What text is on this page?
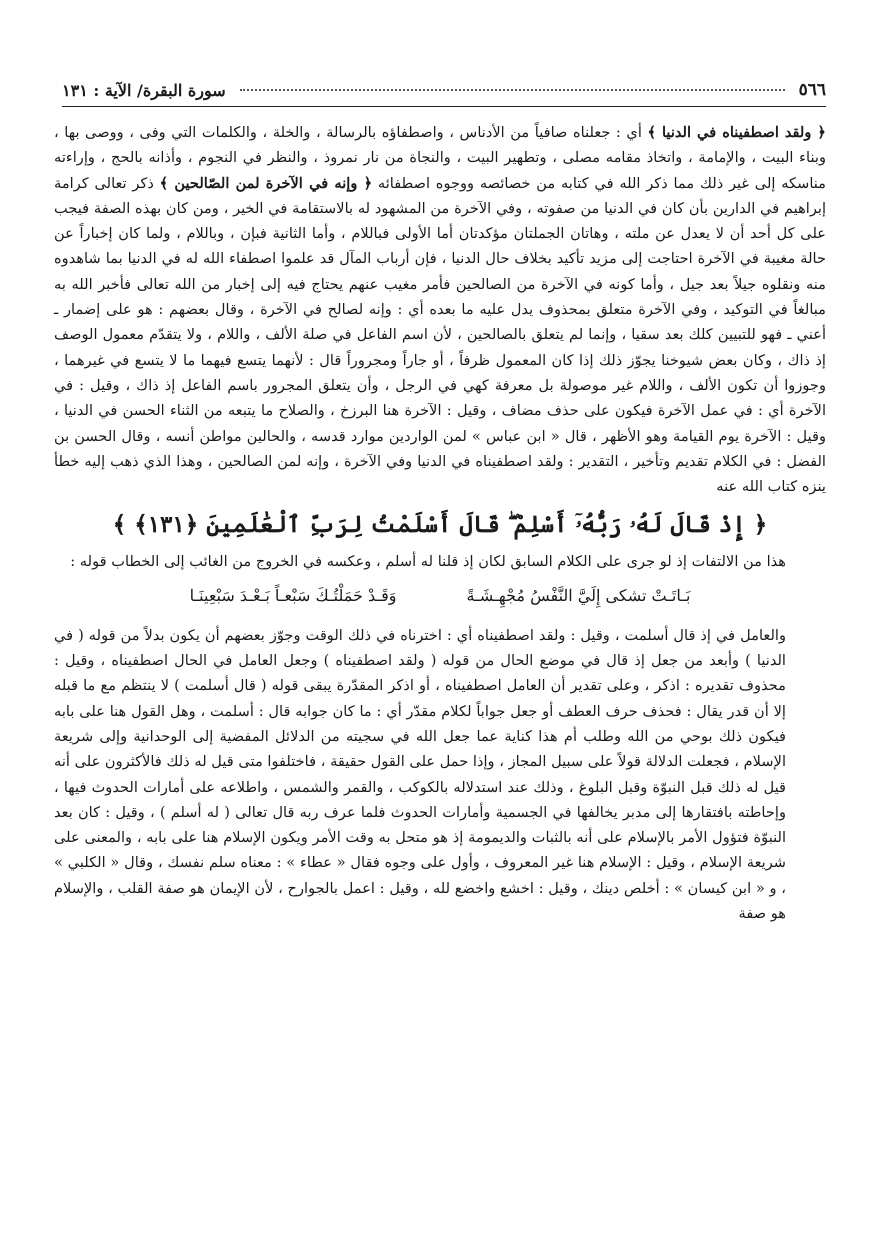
٥٦٦
سورة البقرة/ الآية : ١٣١

﴿ ولقد اصطفيناه في الدنيا ﴾ أي : جعلناه صافياً من الأدناس ، واصطفاؤه بالرسالة ، والخلة ، والكلمات التي وفى ، ووصى بها ، وبناء البيت ، والإمامة ، واتخاذ مقامه مصلى ، وتطهير البيت ، والنجاة من نار نمروذ ، والنظر في النجوم ، وأذانه بالحج ، وإراءته مناسكه إلى غير ذلك مما ذكر الله في كتابه من خصائصه ووجوه اصطفائه ﴿ وإنه في الآخرة لمن الصّالحين ﴾ ذكر تعالى كرامة إبراهيم في الدارين بأن كان في الدنيا من صفوته ، وفي الآخرة من المشهود له بالاستقامة في الخير ، ومن كان بهذه الصفة فيجب على كل أحد أن لا يعدل عن ملته ، وهاتان الجملتان مؤكدتان أما الأولى فباللام ، وأما الثانية فبإن ، وباللام ، ولما كان إخباراً عن حالة مغيبة في الآخرة احتاجت إلى مزيد تأكيد بخلاف حال الدنيا ، فإن أرباب المآل قد علموا اصطفاء الله له في الدنيا بما شاهدوه منه ونقلوه جيلاً بعد جيل ، وأما كونه في الآخرة من الصالحين فأمر مغيب عنهم يحتاج فيه إلى إخبار من الله تعالى فأخبر الله به مبالغاً في التوكيد ، وفي الآخرة متعلق بمحذوف يدل عليه ما بعده أي : وإنه لصالح في الآخرة ، وقال بعضهم : هو على إضمار ـ أعني ـ فهو للتبيين كلك بعد سقيا ، وإنما لم يتعلق بالصالحين ، لأن اسم الفاعل في صلة الألف ، واللام ، ولا يتقدّم معمول الوصف إذ ذاك ، وكان بعض شيوخنا يجوّز ذلك إذا كان المعمول ظرفاً ، أو جاراً ومجروراً قال : لأنهما يتسع فيهما ما لا يتسع في غيرهما ، وجوزوا أن تكون الألف ، واللام غير موصولة بل معرفة كهي في الرجل ، وأن يتعلق المجرور باسم الفاعل إذ ذاك ، وقيل : في الآخرة أي : في عمل الآخرة فيكون على حذف مضاف ، وقيل : الآخرة هنا البرزخ ، والصلاح ما يتبعه من الثناء الحسن في الدنيا ، وقيل : الآخرة يوم القيامة وهو الأظهر ، قال « ابن عباس » لمن الواردين موارد قدسه ، والحالين مواطن أنسه ، وقال الحسن بن الفضل : في الكلام تقديم وتأخير ، التقدير : ولقد اصطفيناه في الدنيا وفي الآخرة ، وإنه لمن الصالحين ، وهذا الذي ذهب إليه خطأ ينزه كتاب الله عنه

﴿ إِذْ قَالَ لَهُۥ رَبُّهُۥٓ أَسْلِمْ ۖ قَالَ أَسْلَمْتُ لِرَبِّ ٱلْعَٰلَمِينَ ﴿١٣١﴾ ﴾

هذا من الالتفات إذ لو جرى على الكلام السابق لكان إذ قلنا له أسلم ، وعكسه في الخروج من الغائب إلى الخطاب قوله :

بَـاتَـتْ تشكى إِلَيَّ النَّفْسُ مُجْهِـشَـةً
وَقَـدْ حَمَلْتُـكَ سَبْعـاً بَـعْـدَ سَبْعِينَـا

والعامل في إذ قال أسلمت ، وقيل : ولقد اصطفيناه أي : اخترناه في ذلك الوقت وجوّز بعضهم أن يكون بدلاً من قوله ( في الدنيا ) وأبعد من جعل إذ قال في موضع الحال من قوله ( ولقد اصطفيناه ) وجعل العامل في الحال اصطفيناه ، وقيل : محذوف تقديره : اذكر ، وعلى تقدير أن العامل اصطفيناه ، أو اذكر المقدّرة يبقى قوله ( قال أسلمت ) لا ينتظم مع ما قبله إلا أن قدر يقال : فحذف حرف العطف أو جعل جواباً لكلام مقدّر أي : ما كان جوابه قال : أسلمت ، وهل القول هنا على بابه فيكون ذلك بوحي من الله وطلب أم هذا كناية عما جعل الله في سجيته من الدلائل المفضية إلى الوحدانية وإلى شريعة الإسلام ، فجعلت الدلالة قولاً على سبيل المجاز ، وإذا حمل على القول حقيقة ، فاختلفوا متى قيل له ذلك فالأكثرون على أنه قيل له ذلك قبل النبوّة وقبل البلوغ ، وذلك عند استدلاله بالكوكب ، والقمر والشمس ، واطلاعه على أمارات الحدوث فيها ، وإحاطته بافتقارها إلى مدبر يخالفها في الجسمية وأمارات الحدوث فلما عرف ربه قال تعالى ( له أسلم ) ، وقيل : كان بعد النبوّة فتؤول الأمر بالإسلام على أنه بالثبات والديمومة إذ هو متحل به وقت الأمر ويكون الإسلام هنا على بابه ، والمعنى على شريعة الإسلام ، وقيل : الإسلام هنا غير المعروف ، وأول على وجوه فقال « عطاء » : معناه سلم نفسك ، وقال « الكلبي » ، و « ابن كيسان » : أخلص دينك ، وقيل : اخشع واخضع لله ، وقيل : اعمل بالجوارح ، لأن الإيمان هو صفة القلب ، والإسلام هو صفة
